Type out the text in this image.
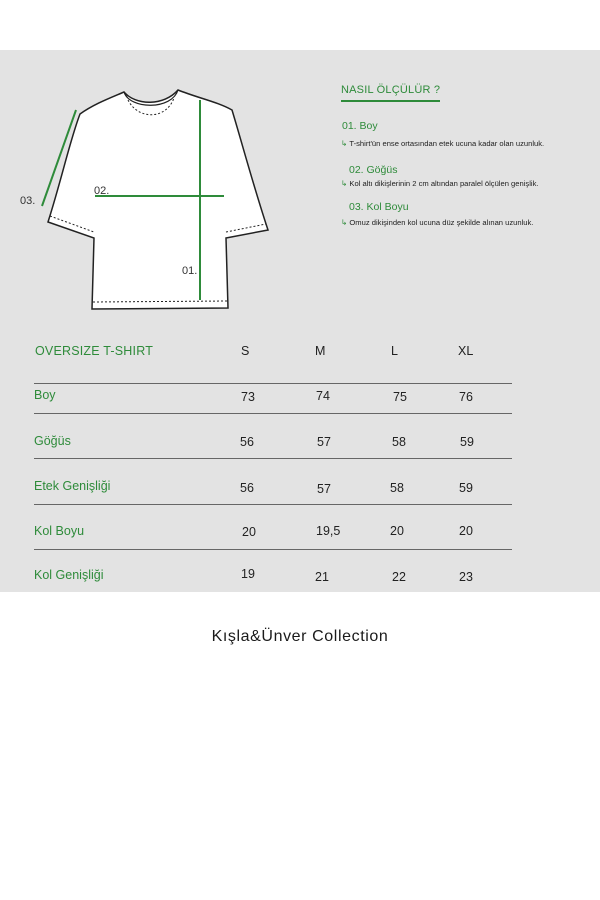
02.
01.
03.
NASIL ÖLÇÜLÜR ?
01. Boy
↳ T-shirt'ün ense ortasından etek ucuna kadar olan uzunluk.
02. Göğüs
↳ Kol altı dikişlerinin 2 cm altından paralel ölçülen genişlik.
03. Kol Boyu
↳ Omuz dikişinden kol ucuna düz şekilde alınan uzunluk.
OVERSIZE T-SHIRT	S	M	L	XL
Boy	73	74	75	76
Göğüs	56	57	58	59
Etek Genişliği	56	57	58	59
Kol Boyu	20	19,5	20	20
Kol Genişliği	19	21	22	23
Kışla&Ünver Collection
